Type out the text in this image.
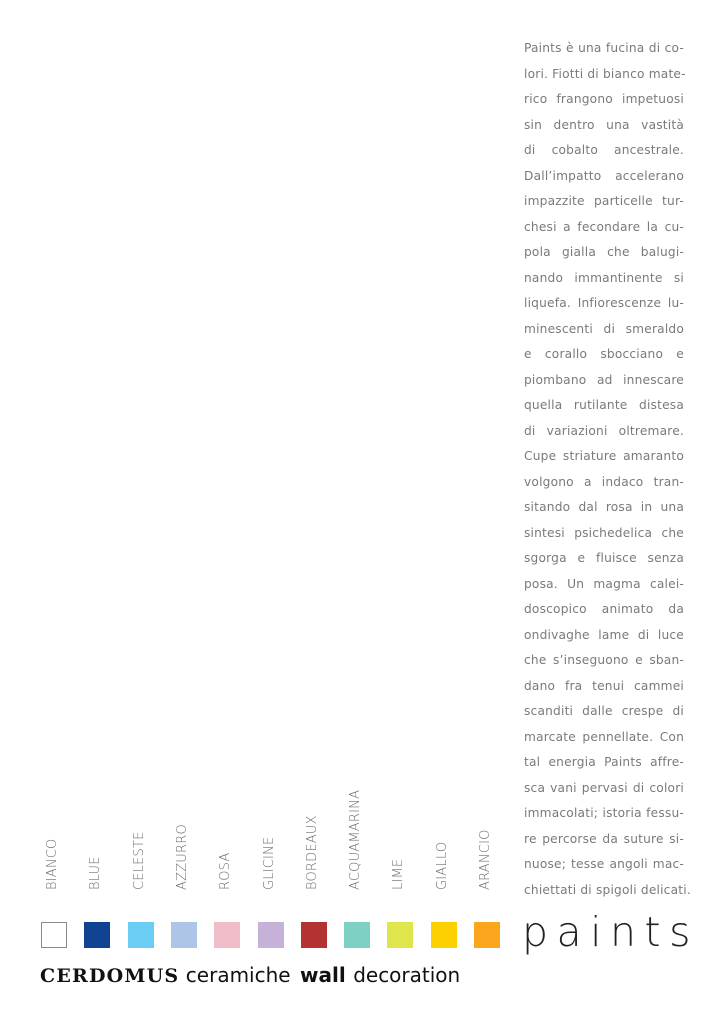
Paints è una fucina di co-
lori. Fiotti di bianco mate-
rico frangono impetuosi
sin dentro una vastità
di cobalto ancestrale.
Dall’impatto accelerano
impazzite particelle tur-
chesi a fecondare la cu-
pola gialla che balugi-
nando immantinente si
liquefa. Infiorescenze lu-
minescenti di smeraldo
e corallo sbocciano e
piombano ad innescare
quella rutilante distesa
di variazioni oltremare.
Cupe striature amaranto
volgono a indaco tran-
sitando dal rosa in una
sintesi psichedelica che
sgorga e fluisce senza
posa. Un magma calei-
doscopico animato da
ondivaghe lame di luce
che s’inseguono e sban-
dano fra tenui cammei
scanditi dalle crespe di
marcate pennellate. Con
tal energia Paints affre-
sca vani pervasi di colori
immacolati; istoria fessu-
re percorse da suture si-
nuose; tesse angoli mac-
chiettati di spigoli delicati.
BIANCO BLUE CELESTE AZZURRO ROSA GLICINE BORDEAUX ACQUAMARINA LIME GIALLO ARANCIO
paints
CERDOMUS ceramiche wall decoration
